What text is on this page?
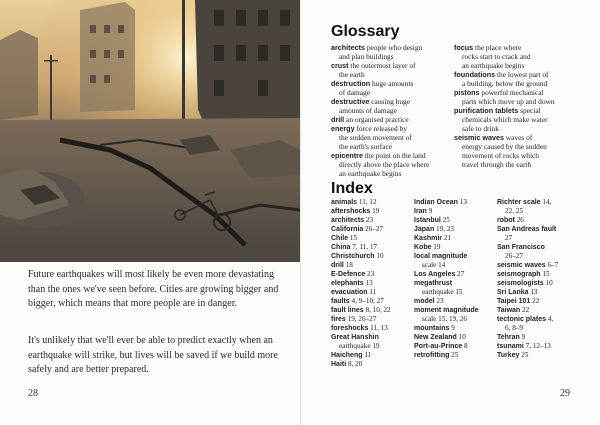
Future earthquakes will most likely be even more devastating than the ones we've seen before. Cities are growing bigger and bigger, which means that more people are in danger.

It's unlikely that we'll ever be able to predict exactly when an earthquake will strike, but lives will be saved if we build more safely and are better prepared.

28
Glossary
architects people who design
and plan buildings
crust the outermost layer of
the earth
destruction huge amounts
of damage
destructive causing huge
amounts of damage
drill an organised practice
energy force released by
the sudden movement of
the earth's surface
epicentre the point on the land
directly above the place where
an earthquake begins
focus the place where
rocks start to crack and
an earthquake begins
foundations the lowest part of
a building, below the ground
pistons powerful mechanical
parts which move up and down
purification tablets special
chemicals which make water
safe to drink
seismic waves waves of
energy caused by the sudden
movement of rocks which
travel through the earth
Index
animals 11, 12
aftershocks 19
architects 23
California 26–27
Chile 15
China 7, 11, 17
Christchurch 10
drill 18
E-Defence 23
elephants 13
evacuation 11
faults 4, 9–10, 27
fault lines 8, 10, 22
fires 19, 26–27
foreshocks 11, 13
Great Hanshin
earthquake 19
Haicheng 11
Haiti 8, 20
Indian Ocean 13
Iran 9
Istanbul 25
Japan 19, 23
Kashmir 21
Kobe 19
local magnitude
scale 14
Los Angeles 27
megathrust
earthquake 15
model 23
moment magnitude
scale 15, 19, 26
mountains 9
New Zealand 10
Port-au-Prince 8
retrofitting 25
Richter scale 14,
22, 25
robot 26
San Andreas fault
27
San Francisco
26–27
seismic waves 6–7
seismograph 15
seismologists 10
Sri Lanka 13
Taipei 101 22
Taiwan 22
tectonic plates 4,
6, 8–9
Tehran 9
tsunami 7, 12–13
Turkey 25
29
